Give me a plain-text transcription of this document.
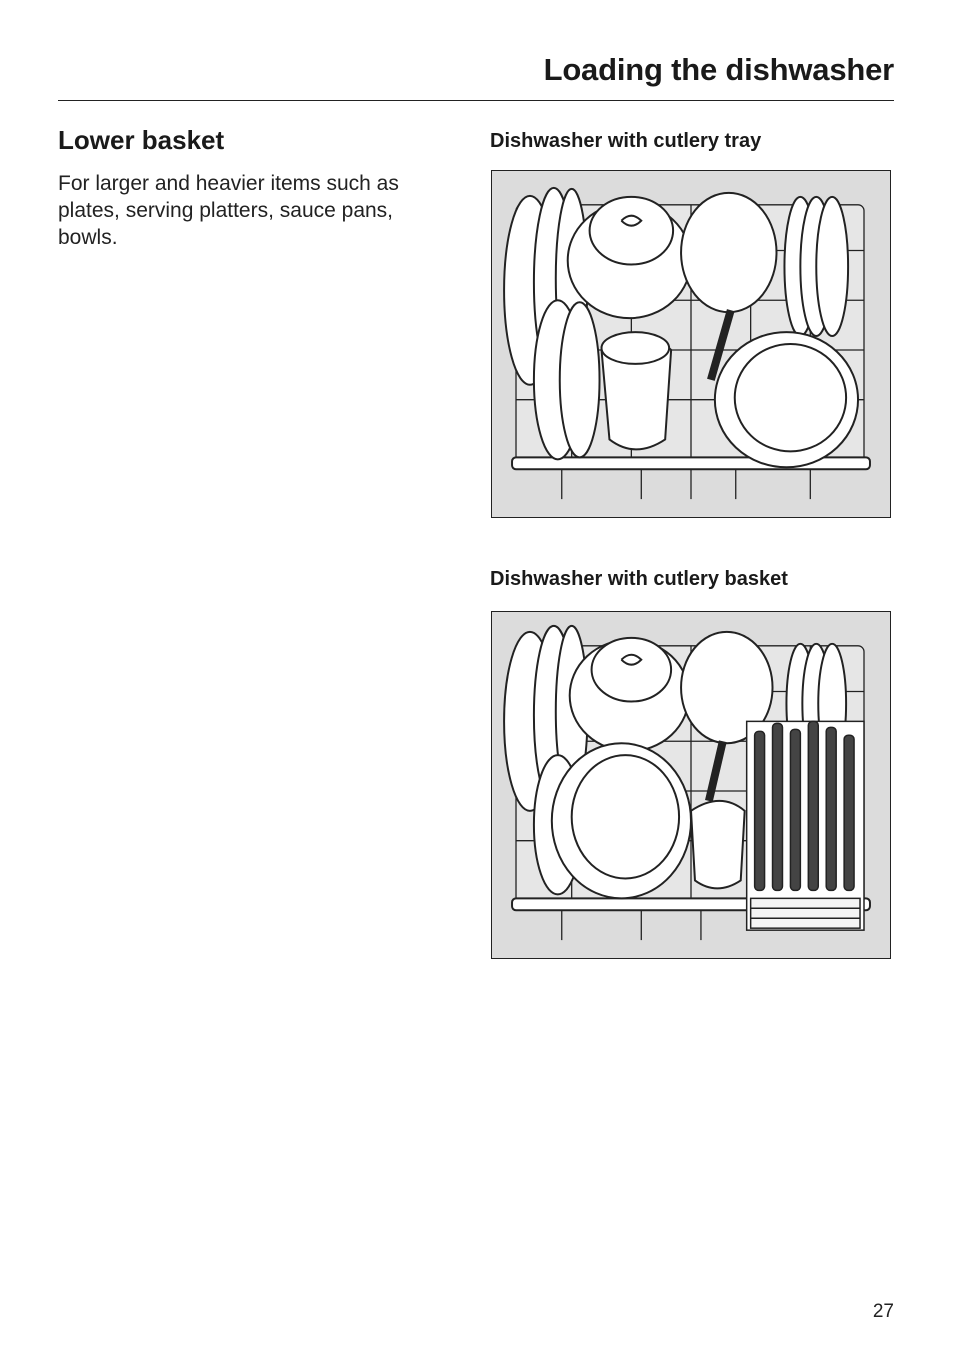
Loading the dishwasher
Lower basket

For larger and heavier items such as plates, serving platters, sauce pans, bowls.

Dishwasher with cutlery tray
Dishwasher with cutlery basket
27
